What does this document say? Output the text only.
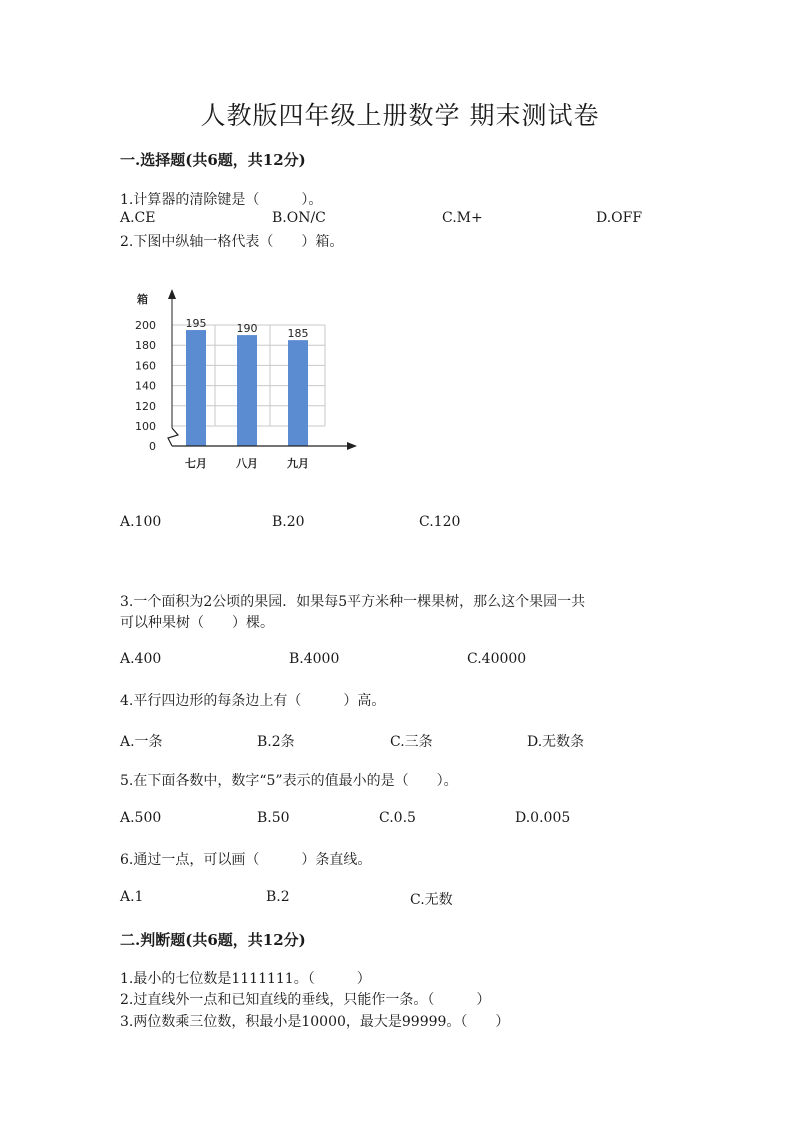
人教版四年级上册数学 期末测试卷
一.选择题(共6题，共12分)
1.计算器的清除键是（　　　）。
A.CE	B.ON/C	C.M+	D.OFF
2.下图中纵轴一格代表（　　）箱。
箱
0
100
120
140
160
180
200
七月	八月	九月
195	190	185
A.100	B.20	C.120
3.一个面积为2公顷的果园．如果每5平方米种一棵果树，那么这个果园一共
可以种果树（　　）棵。
A.400	B.4000	C.40000
4.平行四边形的每条边上有（　　　）高。
A.一条	B.2条	C.三条	D.无数条
5.在下面各数中，数字“5”表示的值最小的是（　　）。
A.500	B.50	C.0.5	D.0.005
6.通过一点，可以画（　　　）条直线。
A.1	B.2	C.无数
二.判断题(共6题，共12分)
1.最小的七位数是1111111。（　　　）
2.过直线外一点和已知直线的垂线，只能作一条。（　　　）
3.两位数乘三位数，积最小是10000，最大是99999。（　　）
